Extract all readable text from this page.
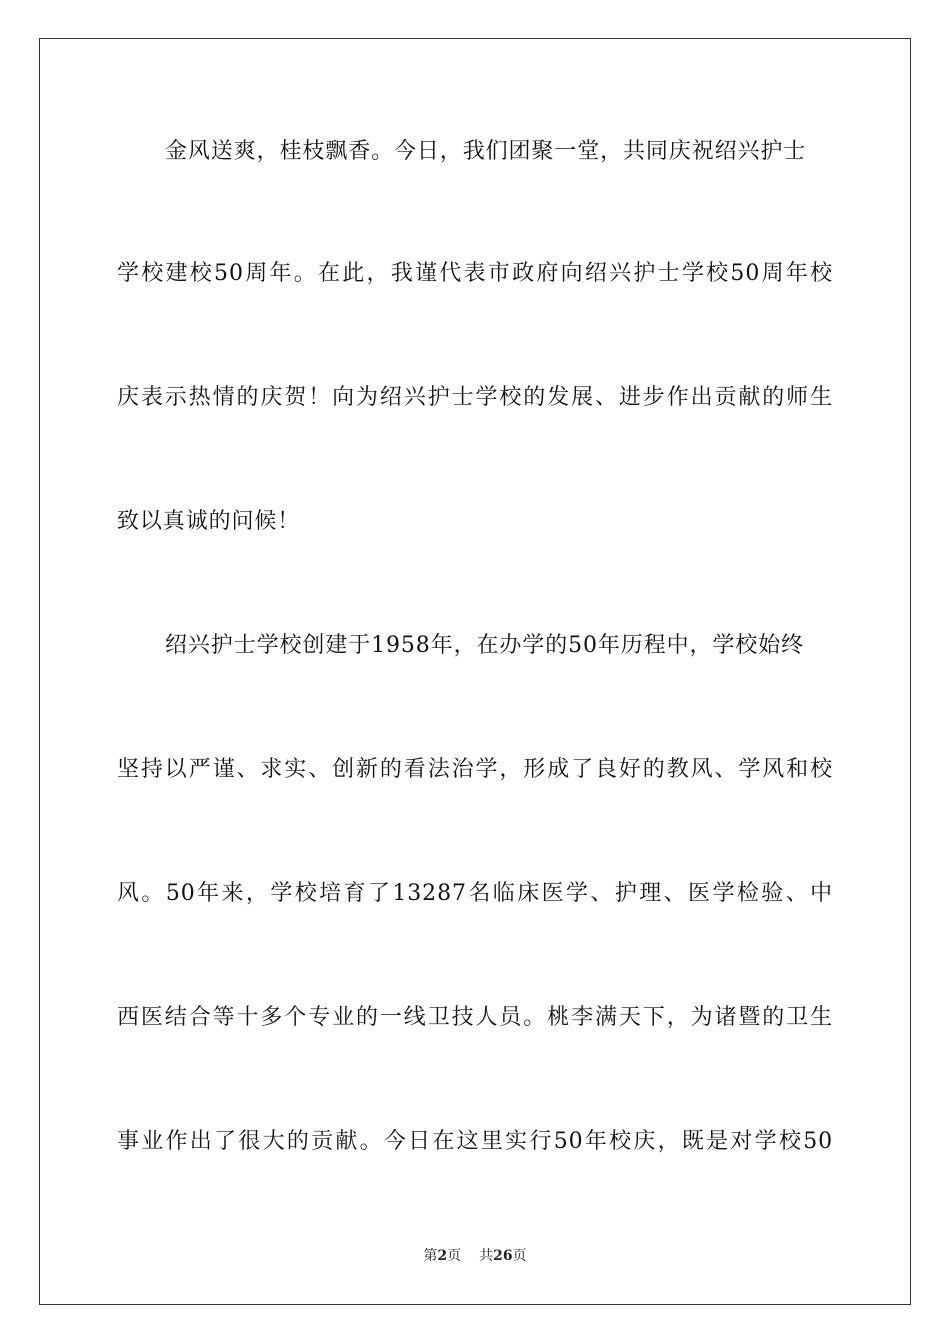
金风送爽，桂枝飘香。今日，我们团聚一堂，共同庆祝绍兴护士
学校建校50周年。在此，我谨代表市政府向绍兴护士学校50周年校
庆表示热情的庆贺！向为绍兴护士学校的发展、进步作出贡献的师生
致以真诚的问候！
绍兴护士学校创建于1958年，在办学的50年历程中，学校始终
坚持以严谨、求实、创新的看法治学，形成了良好的教风、学风和校
风。50年来，学校培育了13287名临床医学、护理、医学检验、中
西医结合等十多个专业的一线卫技人员。桃李满天下，为诸暨的卫生
事业作出了很大的贡献。今日在这里实行50年校庆，既是对学校50
第2页 共26页
